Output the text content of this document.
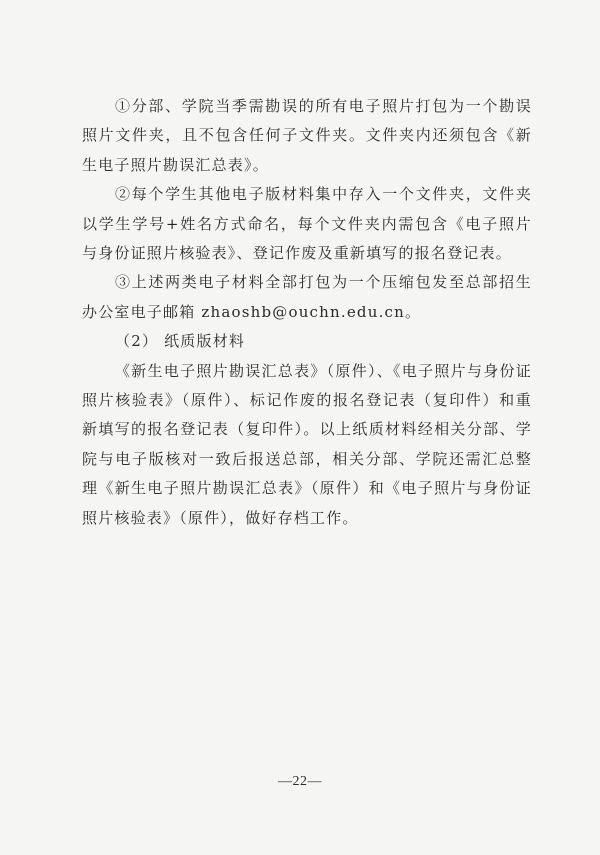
①分部、学院当季需勘误的所有电子照片打包为一个勘误照片文件夹，且不包含任何子文件夹。文件夹内还须包含《新生电子照片勘误汇总表》。

②每个学生其他电子版材料集中存入一个文件夹，文件夹以学生学号+姓名方式命名，每个文件夹内需包含《电子照片与身份证照片核验表》、登记作废及重新填写的报名登记表。

③上述两类电子材料全部打包为一个压缩包发至总部招生办公室电子邮箱 zhaoshb@ouchn.edu.cn。

（2） 纸质版材料

《新生电子照片勘误汇总表》（原件）、《电子照片与身份证照片核验表》（原件）、标记作废的报名登记表（复印件）和重新填写的报名登记表（复印件）。以上纸质材料经相关分部、学院与电子版核对一致后报送总部，相关分部、学院还需汇总整理《新生电子照片勘误汇总表》（原件）和《电子照片与身份证照片核验表》（原件），做好存档工作。

—22—
